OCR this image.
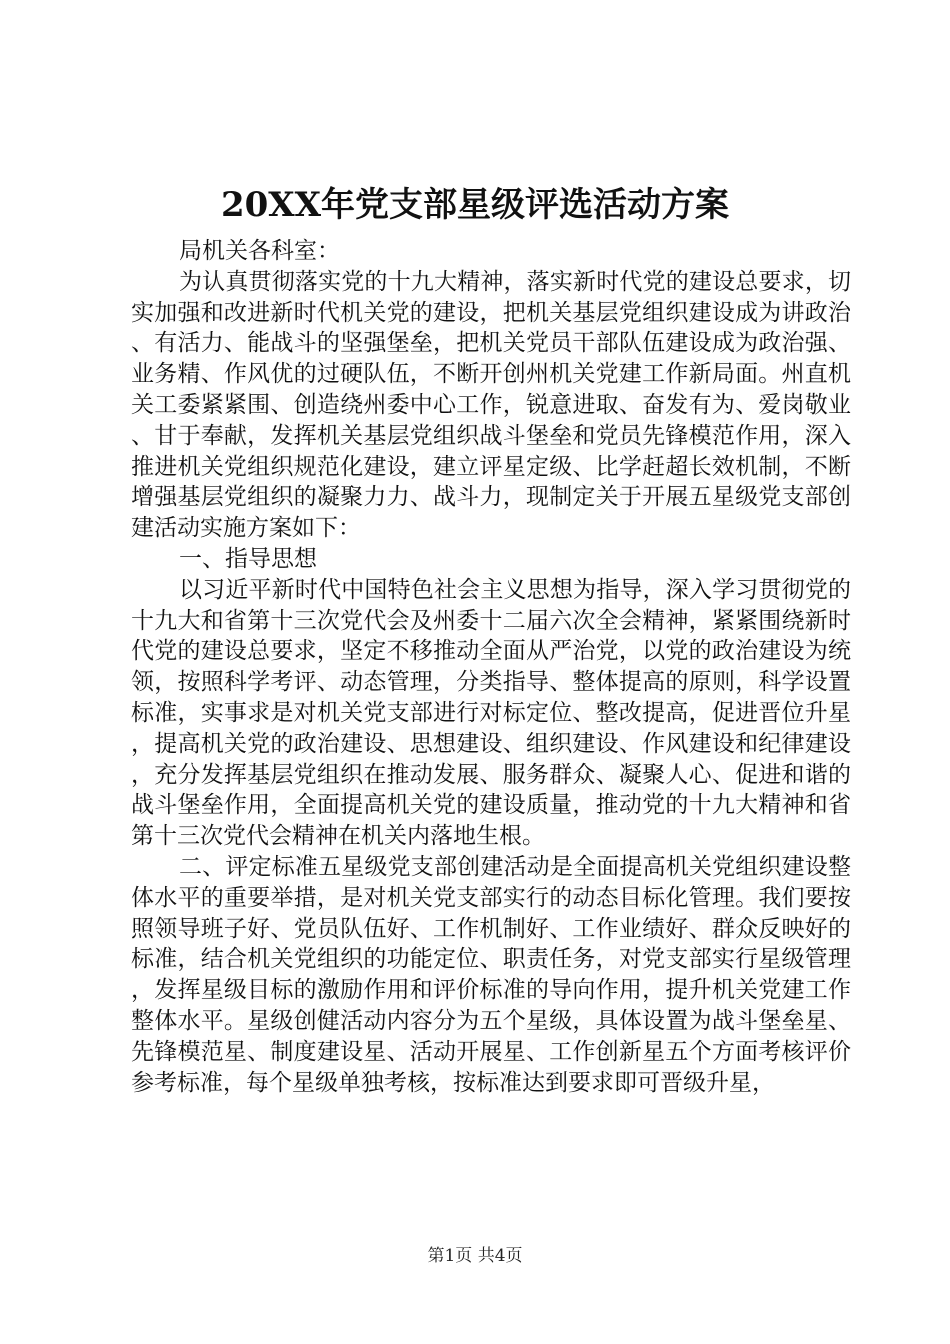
20XX年党支部星级评选活动方案

局机关各科室：

为认真贯彻落实党的十九大精神，落实新时代党的建设总要求，切实加强和改进新时代机关党的建设，把机关基层党组织建设成为讲政治、有活力、能战斗的坚强堡垒，把机关党员干部队伍建设成为政治强、业务精、作风优的过硬队伍，不断开创州机关党建工作新局面。州直机关工委紧紧围、创造绕州委中心工作，锐意进取、奋发有为、爱岗敬业、甘于奉献，发挥机关基层党组织战斗堡垒和党员先锋模范作用，深入推进机关党组织规范化建设，建立评星定级、比学赶超长效机制，不断增强基层党组织的凝聚力力、战斗力，现制定关于开展五星级党支部创建活动实施方案如下：

一、指导思想

以习近平新时代中国特色社会主义思想为指导，深入学习贯彻党的十九大和省第十三次党代会及州委十二届六次全会精神，紧紧围绕新时代党的建设总要求，坚定不移推动全面从严治党，以党的政治建设为统领，按照科学考评、动态管理，分类指导、整体提高的原则，科学设置标准，实事求是对机关党支部进行对标定位、整改提高，促进晋位升星，提高机关党的政治建设、思想建设、组织建设、作风建设和纪律建设，充分发挥基层党组织在推动发展、服务群众、凝聚人心、促进和谐的战斗堡垒作用，全面提高机关党的建设质量，推动党的十九大精神和省第十三次党代会精神在机关内落地生根。

二、评定标准五星级党支部创建活动是全面提高机关党组织建设整体水平的重要举措，是对机关党支部实行的动态目标化管理。我们要按照领导班子好、党员队伍好、工作机制好、工作业绩好、群众反映好的标准，结合机关党组织的功能定位、职责任务，对党支部实行星级管理，发挥星级目标的激励作用和评价标准的导向作用，提升机关党建工作整体水平。星级创健活动内容分为五个星级，具体设置为战斗堡垒星、先锋模范星、制度建设星、活动开展星、工作创新星五个方面考核评价参考标准，每个星级单独考核，按标准达到要求即可晋级升星，

第1页 共4页
